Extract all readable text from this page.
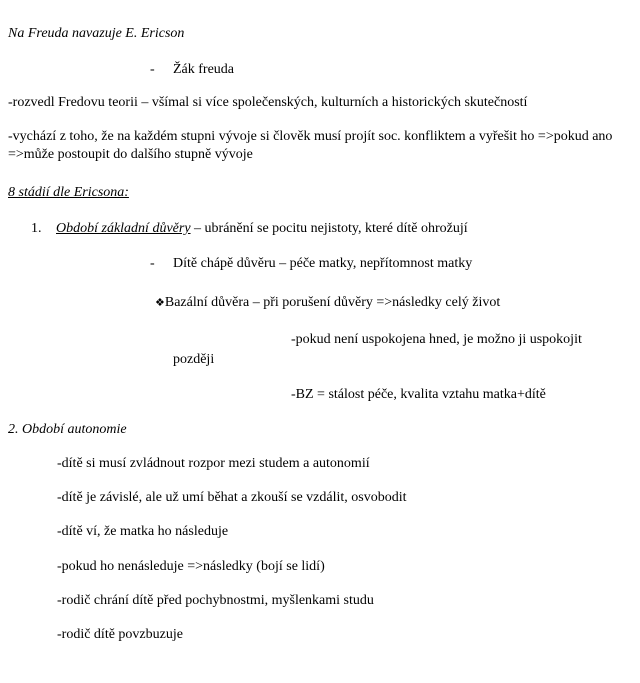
Na Freuda navazuje E. Ericson
- Žák freuda
-rozvedl Fredovu teorii – všímal si více společenských, kulturních a historických skutečností
-vychází z toho, že na každém stupni vývoje si člověk musí projít soc. konfliktem a vyřešit ho =>pokud ano =>může postoupit do dalšího stupně vývoje
8 stádií dle Ericsona:
1. Období základní důvěry – ubránění se pocitu nejistoty, které dítě ohrožují
- Dítě chápě důvěru – péče matky, nepřítomnost matky
❖Bazální důvěra – při porušení důvěry =>následky celý život
-pokud není uspokojena hned, je možno ji uspokojit
později
-BZ = stálost péče, kvalita vztahu matka+dítě
2. Období autonomie
-dítě si musí zvládnout rozpor mezi studem a autonomií
-dítě je závislé, ale už umí běhat a zkouší se vzdálit, osvobodit
-dítě ví, že matka ho následuje
-pokud ho nenásleduje =>následky (bojí se lidí)
-rodič chrání dítě před pochybnostmi, myšlenkami studu
-rodič dítě povzbuzuje
